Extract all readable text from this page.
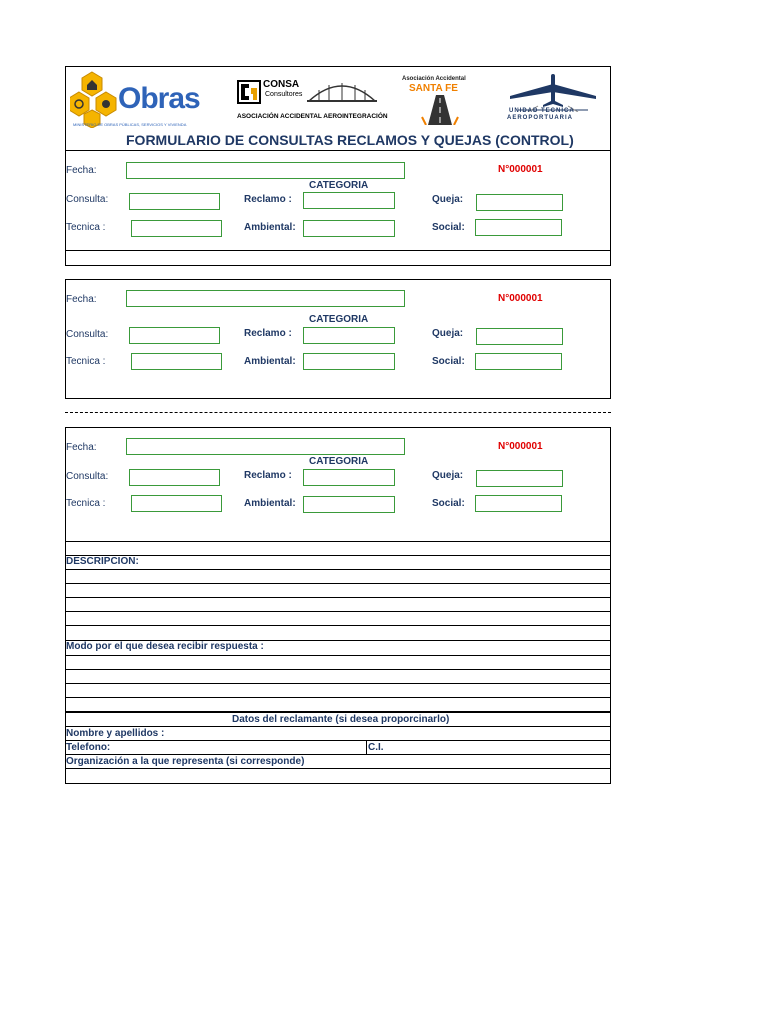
Obras
MINISTERIO DE OBRAS PÚBLICAS, SERVICIOS Y VIVIENDA
CONSA
Consultores
ASOCIACIÓN ACCIDENTAL AEROINTEGRACIÓN
Asociación Accidental
SANTA FE
UNIDAD TECNICA
AEROPORTUARIA
FORMULARIO DE CONSULTAS RECLAMOS Y QUEJAS (CONTROL)
Fecha:	N°000001
CATEGORIA
Consulta:	Reclamo :	Queja:
Tecnica :	Ambiental:	Social:
Fecha:	N°000001
CATEGORIA
Consulta:	Reclamo :	Queja:
Tecnica :	Ambiental:	Social:
Fecha:	N°000001
CATEGORIA
Consulta:	Reclamo :	Queja:
Tecnica :	Ambiental:	Social:
DESCRIPCION:
Modo por el que desea recibir respuesta :
Datos del reclamante (si desea proporcinarlo)
Nombre y apellidos :
Telefono:	C.I.
Organización a la que representa (si corresponde)
